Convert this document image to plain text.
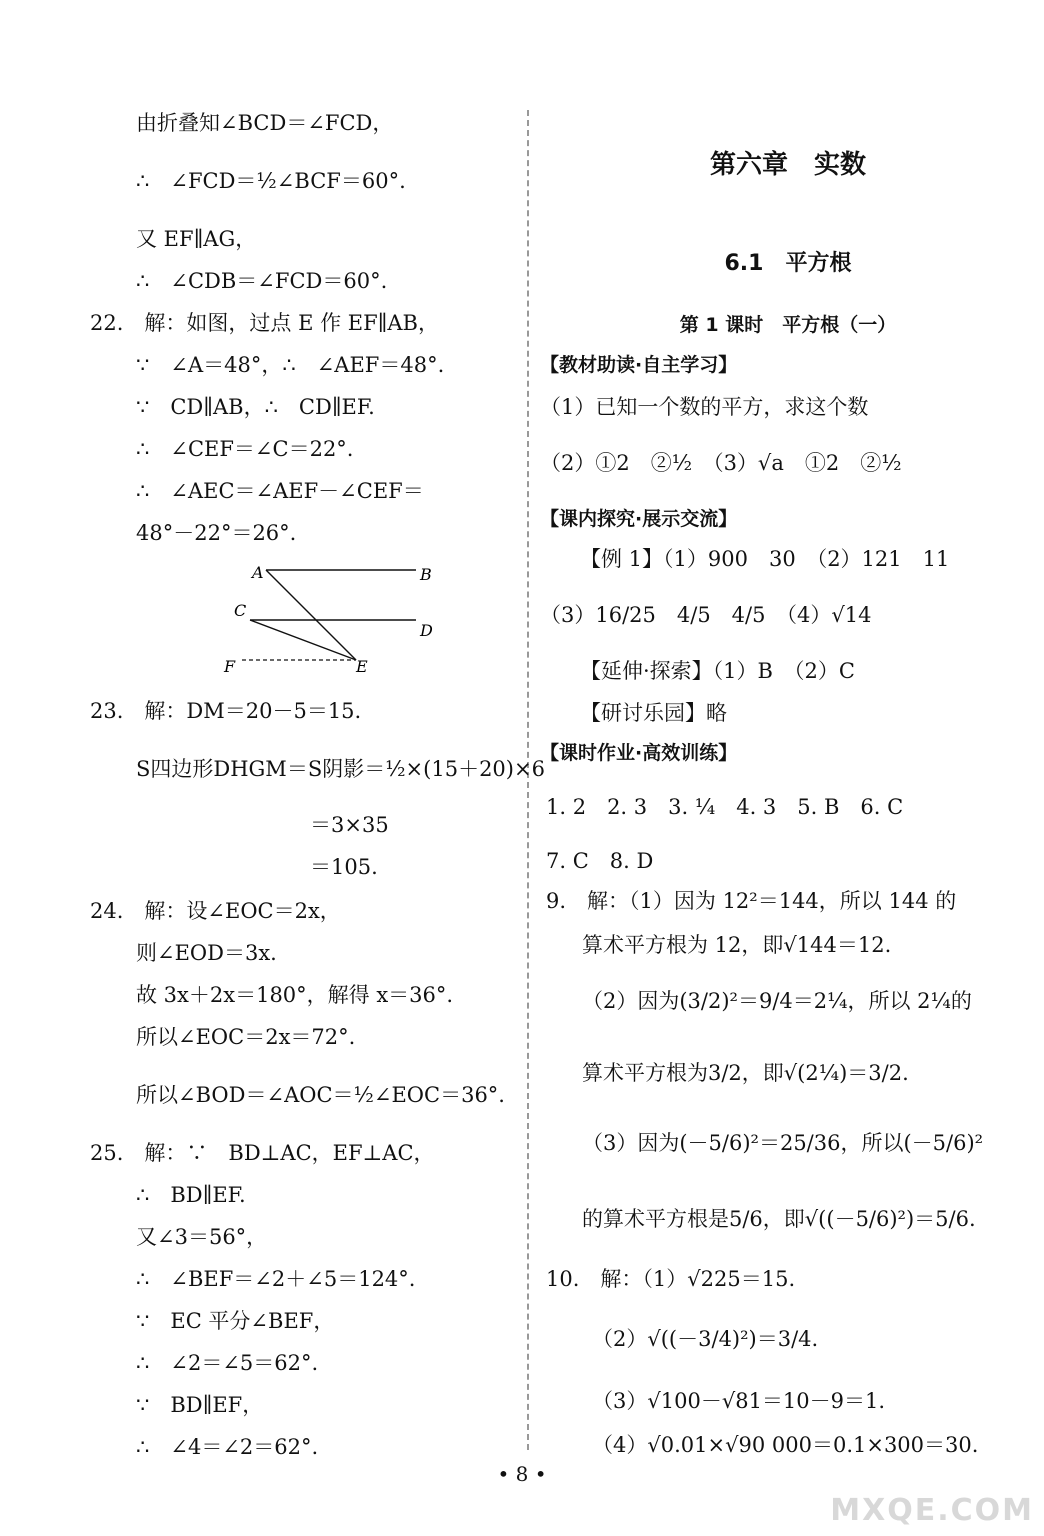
由折叠知∠BCD＝∠FCD，
∴　∠FCD＝½∠BCF＝60°.
又 EF∥AG，
∴　∠CDB＝∠FCD＝60°.
22.　解：如图，过点 E 作 EF∥AB，
∵　∠A＝48°，∴　∠AEF＝48°.
∵　CD∥AB，∴　CD∥EF.
∴　∠CEF＝∠C＝22°.
∴　∠AEC＝∠AEF－∠CEF＝
48°－22°＝26°.
A	B
C
D
F	E
23.　解：DM＝20－5＝15.
S四边形DHGM＝S阴影＝½×(15＋20)×6
＝3×35
＝105.
24.　解：设∠EOC＝2x，
则∠EOD＝3x.
故 3x＋2x＝180°，解得 x＝36°.
所以∠EOC＝2x＝72°.
所以∠BOD＝∠AOC＝½∠EOC＝36°.
25.　解：∵　BD⊥AC，EF⊥AC，
∴　BD∥EF.
又∠3＝56°，
∴　∠BEF＝∠2＋∠5＝124°.
∵　EC 平分∠BEF，
∴　∠2＝∠5＝62°.
∵　BD∥EF，
∴　∠4＝∠2＝62°.
第六章　实数
6.1　平方根
第 1 课时　平方根（一）
【教材助读·自主学习】
（1）已知一个数的平方，求这个数
（2）①2　②½　（3）√a　①2　②½
【课内探究·展示交流】
【例 1】（1）900　30　（2）121　11
（3）16/25　4/5　4/5　（4）√14
【延伸·探索】（1）B　（2）C
【研讨乐园】略
【课时作业·高效训练】
1. 2　2. 3　3. ¼　4. 3　5. B　6. C
7. C　8. D
9.　解：（1）因为 12²＝144，所以 144 的
算术平方根为 12，即√144＝12.
（2）因为(3/2)²＝9/4＝2¼，所以 2¼的
算术平方根为3/2，即√(2¼)＝3/2.
（3）因为(－5/6)²＝25/36，所以(－5/6)²
的算术平方根是5/6，即√((－5/6)²)＝5/6.
10.　解：（1）√225＝15.
（2）√((－3/4)²)＝3/4.
（3）√100－√81＝10－9＝1.
（4）√0.01×√90 000＝0.1×300＝30.
• 8 •
MXQE.COM
